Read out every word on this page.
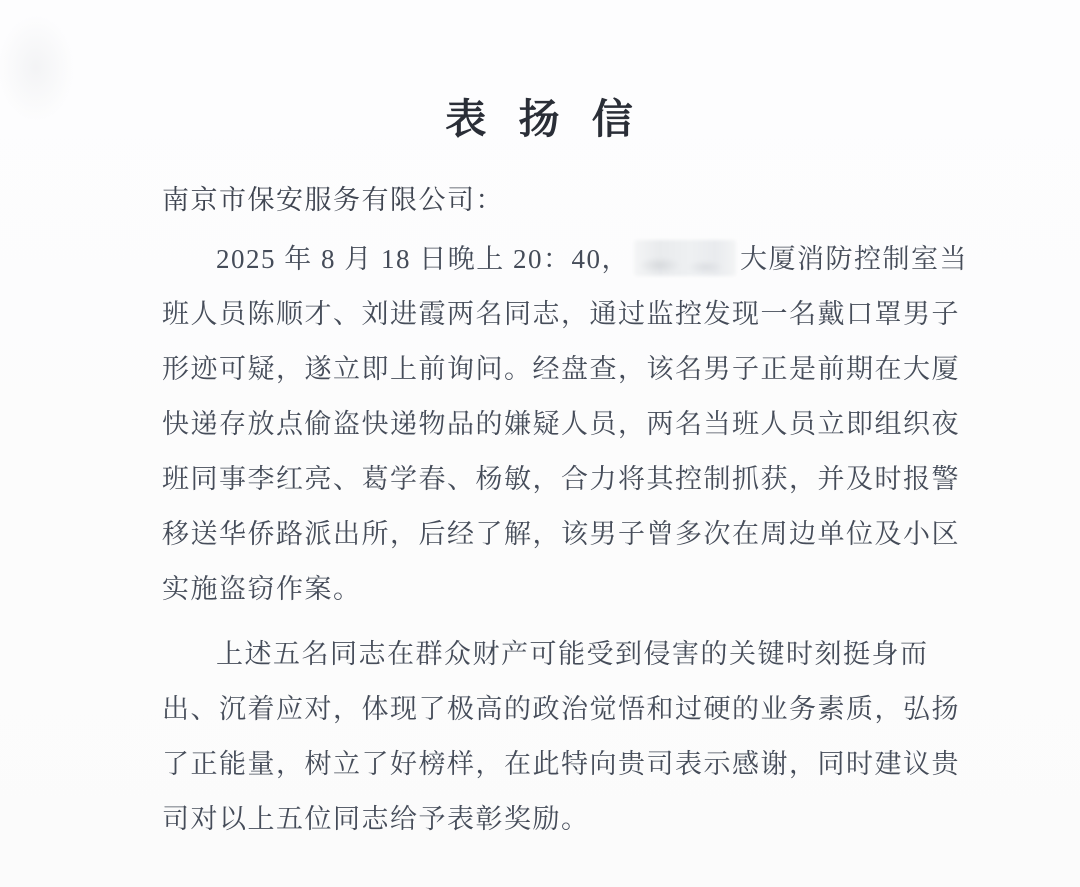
表 扬 信
南京市保安服务有限公司：
2025 年 8 月 18 日晚上 20：40，	大厦消防控制室当
班人员陈顺才、刘进霞两名同志，通过监控发现一名戴口罩男子
形迹可疑，遂立即上前询问。经盘查，该名男子正是前期在大厦
快递存放点偷盗快递物品的嫌疑人员，两名当班人员立即组织夜
班同事李红亮、葛学春、杨敏，合力将其控制抓获，并及时报警
移送华侨路派出所，后经了解，该男子曾多次在周边单位及小区
实施盗窃作案。
上述五名同志在群众财产可能受到侵害的关键时刻挺身而
出、沉着应对，体现了极高的政治觉悟和过硬的业务素质，弘扬
了正能量，树立了好榜样，在此特向贵司表示感谢，同时建议贵
司对以上五位同志给予表彰奖励。
